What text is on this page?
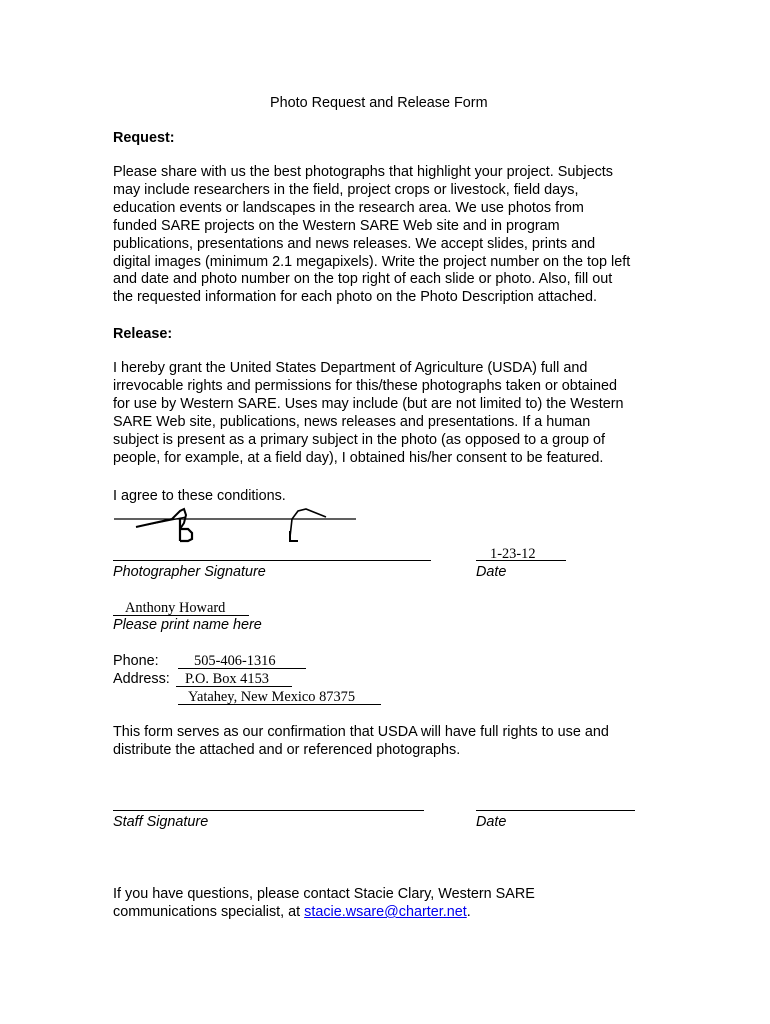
Photo Request and Release Form
Request:
Please share with us the best photographs that highlight your project. Subjects
may include researchers in the field, project crops or livestock, field days,
education events or landscapes in the research area. We use photos from
funded SARE projects on the Western SARE Web site and in program
publications, presentations and news releases. We accept slides, prints and
digital images (minimum 2.1 megapixels). Write the project number on the top left
and date and photo number on the top right of each slide or photo. Also, fill out
the requested information for each photo on the Photo Description attached.
Release:
I hereby grant the United States Department of Agriculture (USDA) full and
irrevocable rights and permissions for this/these photographs taken or obtained
for use by Western SARE. Uses may include (but are not limited to) the Western
SARE Web site, publications, news releases and presentations. If a human
subject is present as a primary subject in the photo (as opposed to a group of
people, for example, at a field day), I obtained his/her consent to be featured.
I agree to these conditions.
1-23-12
Photographer Signature	Date
Anthony Howard
Please print name here
Phone: 505-406-1316
Address: P.O. Box 4153
Yatahey, New Mexico 87375
This form serves as our confirmation that USDA will have full rights to use and
distribute the attached and or referenced photographs.
Staff Signature	Date
If you have questions, please contact Stacie Clary, Western SARE
communications specialist, at stacie.wsare@charter.net.
